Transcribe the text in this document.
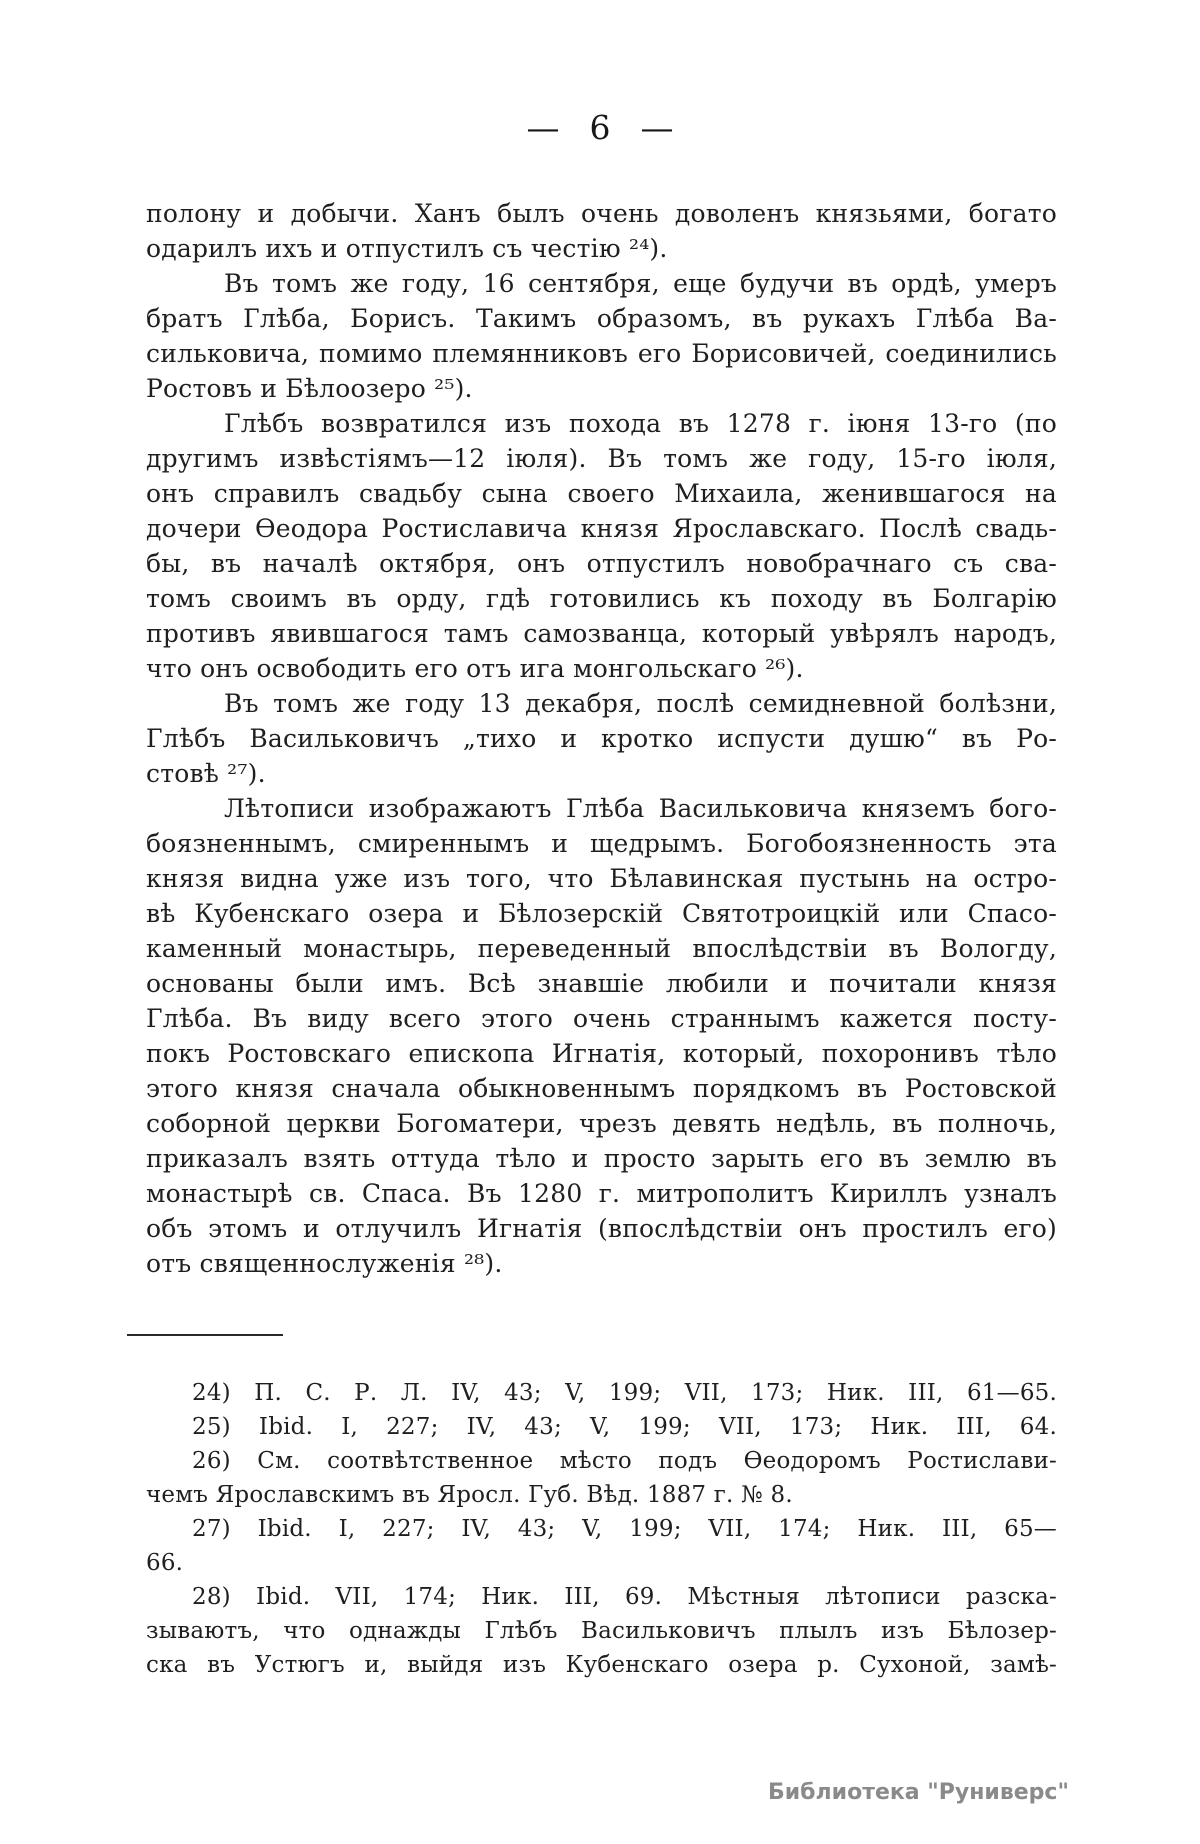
— 6 —
полону и добычи. Ханъ былъ очень доволенъ князьями, богато
одарилъ ихъ и отпустилъ съ честію ²⁴).
Въ томъ же году, 16 сентября, еще будучи въ ордѣ, умеръ
братъ Глѣба, Борисъ. Такимъ образомъ, въ рукахъ Глѣба Ва-
сильковича, помимо племянниковъ его Борисовичей, соединились
Ростовъ и Бѣлоозеро ²⁵).
Глѣбъ возвратился изъ похода въ 1278 г. іюня 13-го (по
другимъ извѣстіямъ—12 іюля). Въ томъ же году, 15-го іюля,
онъ справилъ свадьбу сына своего Михаила, женившагося на
дочери Ѳеодора Ростиславича князя Ярославскаго. Послѣ свадь-
бы, въ началѣ октября, онъ отпустилъ новобрачнаго съ сва-
томъ своимъ въ орду, гдѣ готовились къ походу въ Болгарію
противъ явившагося тамъ самозванца, который увѣрялъ народъ,
что онъ освободить его отъ ига монгольскаго ²⁶).
Въ томъ же году 13 декабря, послѣ семидневной болѣзни,
Глѣбъ Васильковичъ „тихо и кротко испусти душю“ въ Ро-
стовѣ ²⁷).
Лѣтописи изображаютъ Глѣба Васильковича княземъ бого-
боязненнымъ, смиреннымъ и щедрымъ. Богобоязненность эта
князя видна уже изъ того, что Бѣлавинская пустынь на остро-
вѣ Кубенскаго озера и Бѣлозерскій Святотроицкій или Спасо-
каменный монастырь, переведенный впослѣдствіи въ Вологду,
основаны были имъ. Всѣ знавшіе любили и почитали князя
Глѣба. Въ виду всего этого очень страннымъ кажется посту-
покъ Ростовскаго епископа Игнатія, который, похоронивъ тѣло
этого князя сначала обыкновеннымъ порядкомъ въ Ростовской
соборной церкви Богоматери, чрезъ девять недѣль, въ полночь,
приказалъ взять оттуда тѣло и просто зарыть его въ землю въ
монастырѣ св. Спаса. Въ 1280 г. митрополитъ Кириллъ узналъ
объ этомъ и отлучилъ Игнатія (впослѣдствіи онъ простилъ его)
отъ священнослуженія ²⁸).
24) П. С. Р. Л. IV, 43; V, 199; VII, 173; Ник. III, 61—65.
25) Ibid. I, 227; IV, 43; V, 199; VII, 173; Ник. III, 64.
26) См. соотвѣтственное мѣсто подъ Ѳеодоромъ Ростислави-
чемъ Ярославскимъ въ Яросл. Губ. Вѣд. 1887 г. № 8.
27) Ibid. I, 227; IV, 43; V, 199; VII, 174; Ник. III, 65—
66.
28) Ibid. VII, 174; Ник. III, 69. Мѣстныя лѣтописи разска-
зываютъ, что однажды Глѣбъ Васильковичъ плылъ изъ Бѣлозер-
ска въ Устюгъ и, выйдя изъ Кубенскаго озера р. Сухоной, замѣ-
Библиотека "Руниверс"
